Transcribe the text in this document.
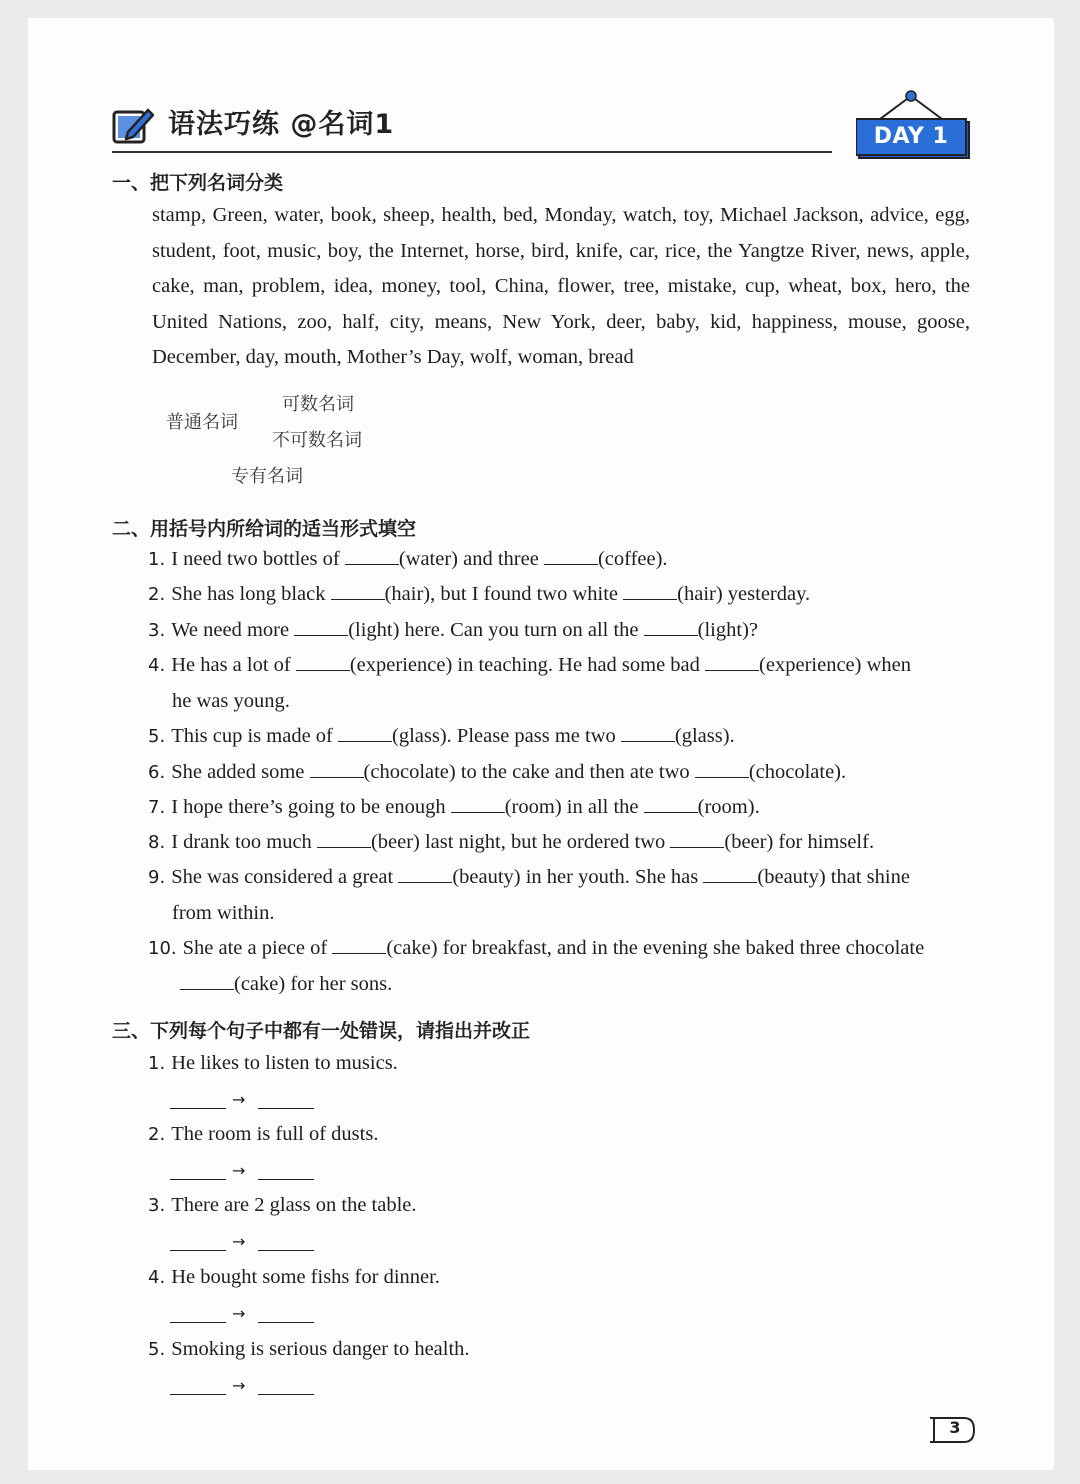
语法巧练 @名词1	DAY 1
一、把下列名词分类

stamp, Green, water, book, sheep, health, bed, Monday, watch, toy, Michael Jackson, advice, egg, student, foot, music, boy, the Internet, horse, bird, knife, car, rice, the Yangtze River, news, apple, cake, man, problem, idea, money, tool, China, flower, tree, mistake, cup, wheat, box, hero, the United Nations, zoo, half, city, means, New York, deer, baby, kid, happiness, mouse, goose, December, day, mouth, Mother’s Day, wolf, woman, bread

普通名词
可数名词
不可数名词
专有名词
二、用括号内所给词的适当形式填空
1. I need two bottles of	(water) and three	(coffee).
2. She has long black	(hair), but I found two white	(hair) yesterday.
3. We need more	(light) here. Can you turn on all the	(light)?
4. He has a lot of	(experience) in teaching. He had some bad	(experience) when
he was young.
5. This cup is made of	(glass). Please pass me two	(glass).
6. She added some	(chocolate) to the cake and then ate two	(chocolate).
7. I hope there’s going to be enough	(room) in all the	(room).
8. I drank too much	(beer) last night, but he ordered two	(beer) for himself.
9. She was considered a great	(beauty) in her youth. She has	(beauty) that shine
from within.
10. She ate a piece of	(cake) for breakfast, and in the evening she baked three chocolate
(cake) for her sons.
三、下列每个句子中都有一处错误，请指出并改正
1. He likes to listen to musics.
→
2. The room is full of dusts.
→
3. There are 2 glass on the table.
→
4. He bought some fishs for dinner.
→
5. Smoking is serious danger to health.
→
3
